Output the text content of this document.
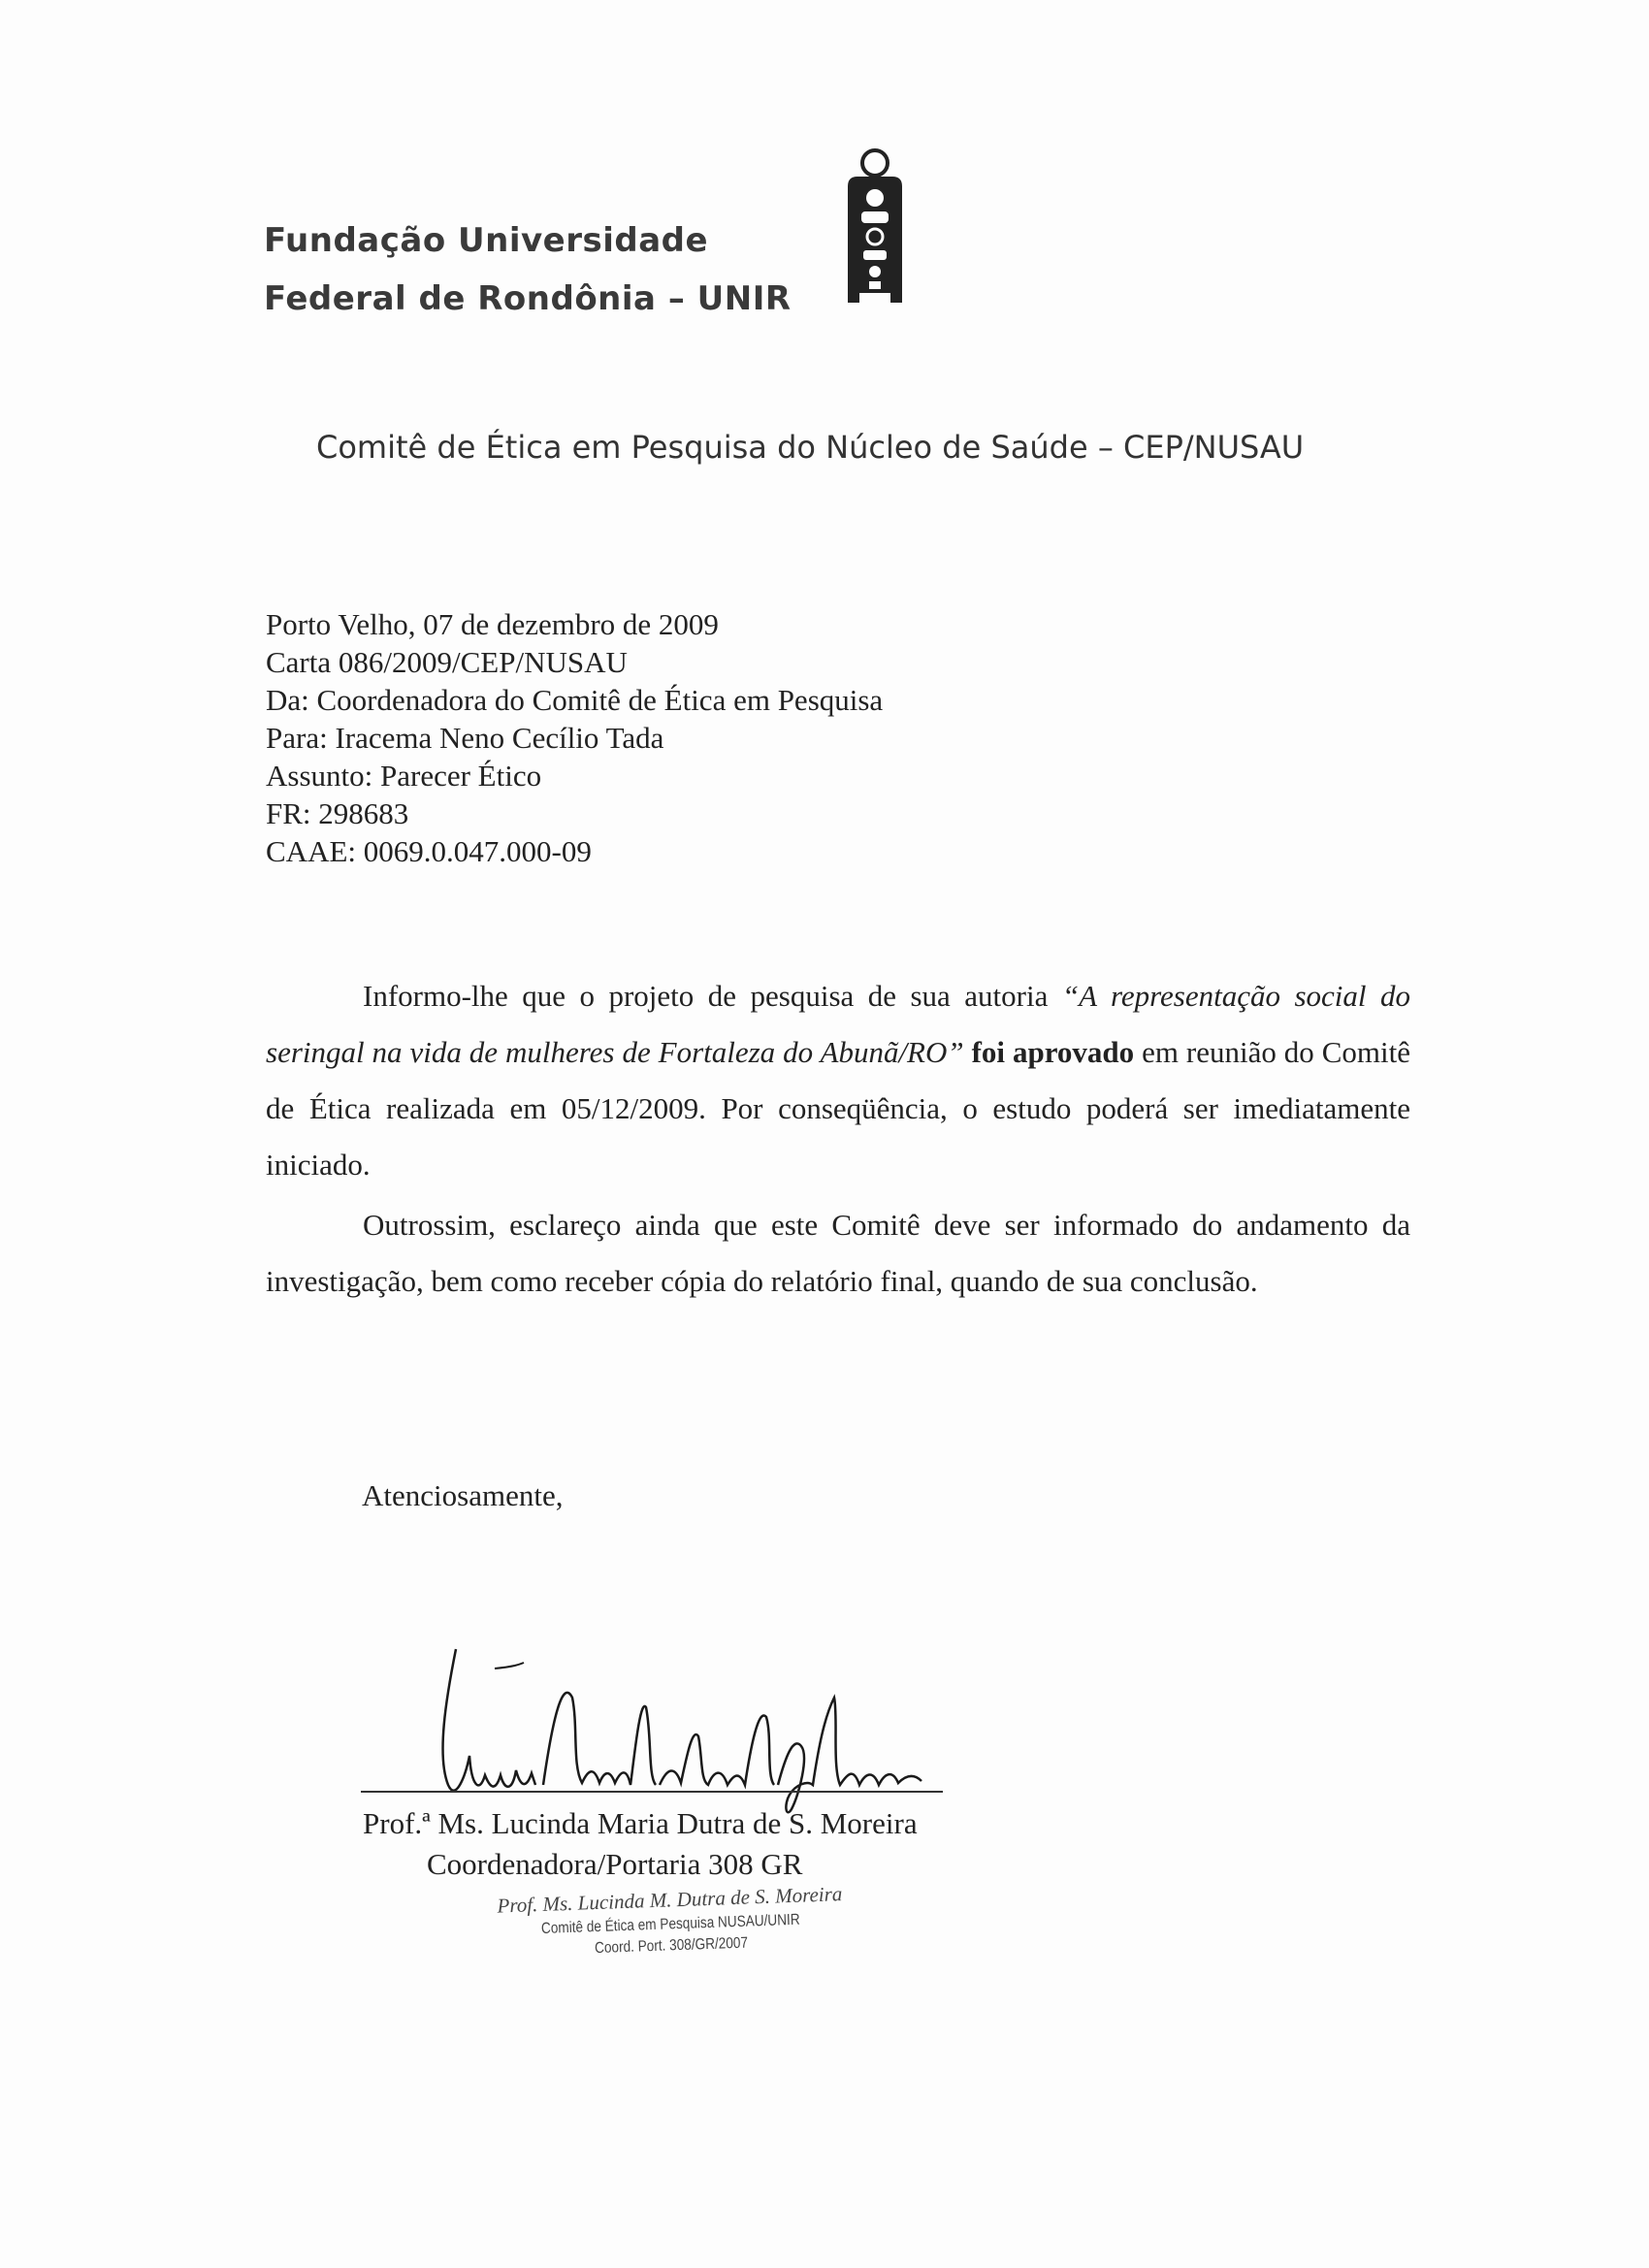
Fundação Universidade
Federal de Rondônia – UNIR
Comitê de Ética em Pesquisa do Núcleo de Saúde – CEP/NUSAU
Porto Velho, 07 de dezembro de 2009
Carta 086/2009/CEP/NUSAU
Da: Coordenadora do Comitê de Ética em Pesquisa
Para: Iracema Neno Cecílio Tada
Assunto: Parecer Ético
FR: 298683
CAAE: 0069.0.047.000-09

Informo-lhe que o projeto de pesquisa de sua autoria “A representação social do seringal na vida de mulheres de Fortaleza do Abunã/RO” foi aprovado em reunião do Comitê de Ética realizada em 05/12/2009. Por conseqüência, o estudo poderá ser imediatamente iniciado.

Outrossim, esclareço ainda que este Comitê deve ser informado do andamento da investigação, bem como receber cópia do relatório final, quando de sua conclusão.

Atenciosamente,
Prof.ª Ms. Lucinda Maria Dutra de S. Moreira
Coordenadora/Portaria 308 GR
Prof. Ms. Lucinda M. Dutra de S. Moreira
Comitê de Ética em Pesquisa NUSAU/UNIR
Coord. Port. 308/GR/2007
